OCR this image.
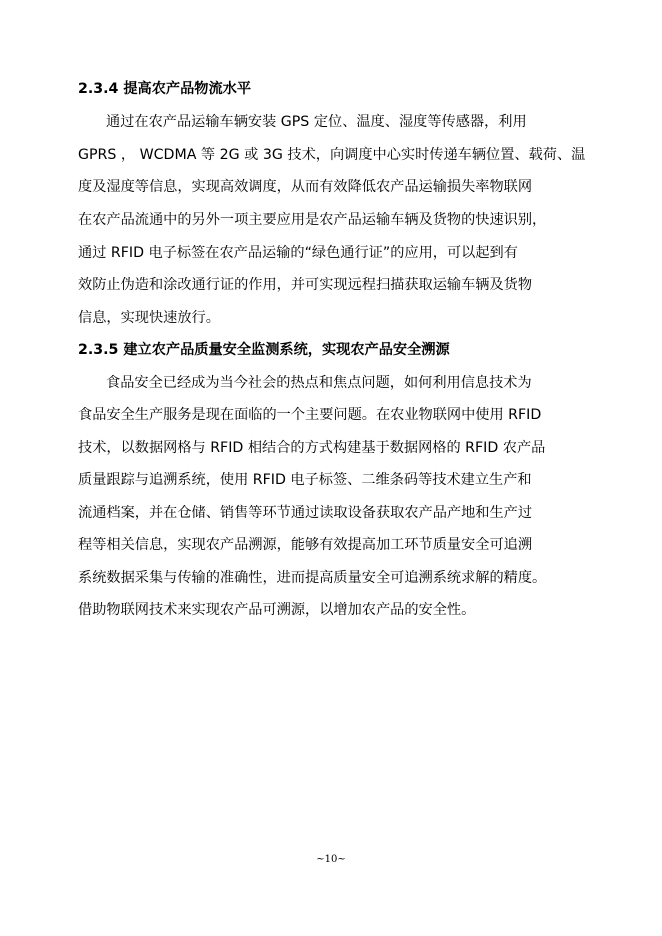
2.3.4 提高农产品物流水平
通过在农产品运输车辆安装 GPS 定位、温度、湿度等传感器，利用
GPRS ， WCDMA 等 2G 或 3G 技术，向调度中心实时传递车辆位置、载荷、温
度及湿度等信息，实现高效调度，从而有效降低农产品运输损失率物联网
在农产品流通中的另外一项主要应用是农产品运输车辆及货物的快速识别，
通过 RFID 电子标签在农产品运输的“绿色通行证”的应用，可以起到有
效防止伪造和涂改通行证的作用，并可实现远程扫描获取运输车辆及货物
信息，实现快速放行。
2.3.5 建立农产品质量安全监测系统，实现农产品安全溯源
食品安全已经成为当今社会的热点和焦点问题，如何利用信息技术为
食品安全生产服务是现在面临的一个主要问题。在农业物联网中使用 RFID
技术，以数据网格与 RFID 相结合的方式构建基于数据网格的 RFID 农产品
质量跟踪与追溯系统，使用 RFID 电子标签、二维条码等技术建立生产和
流通档案，并在仓储、销售等环节通过读取设备获取农产品产地和生产过
程等相关信息，实现农产品溯源，能够有效提高加工环节质量安全可追溯
系统数据采集与传输的准确性，进而提高质量安全可追溯系统求解的精度。
借助物联网技术来实现农产品可溯源，以增加农产品的安全性。
~10~
